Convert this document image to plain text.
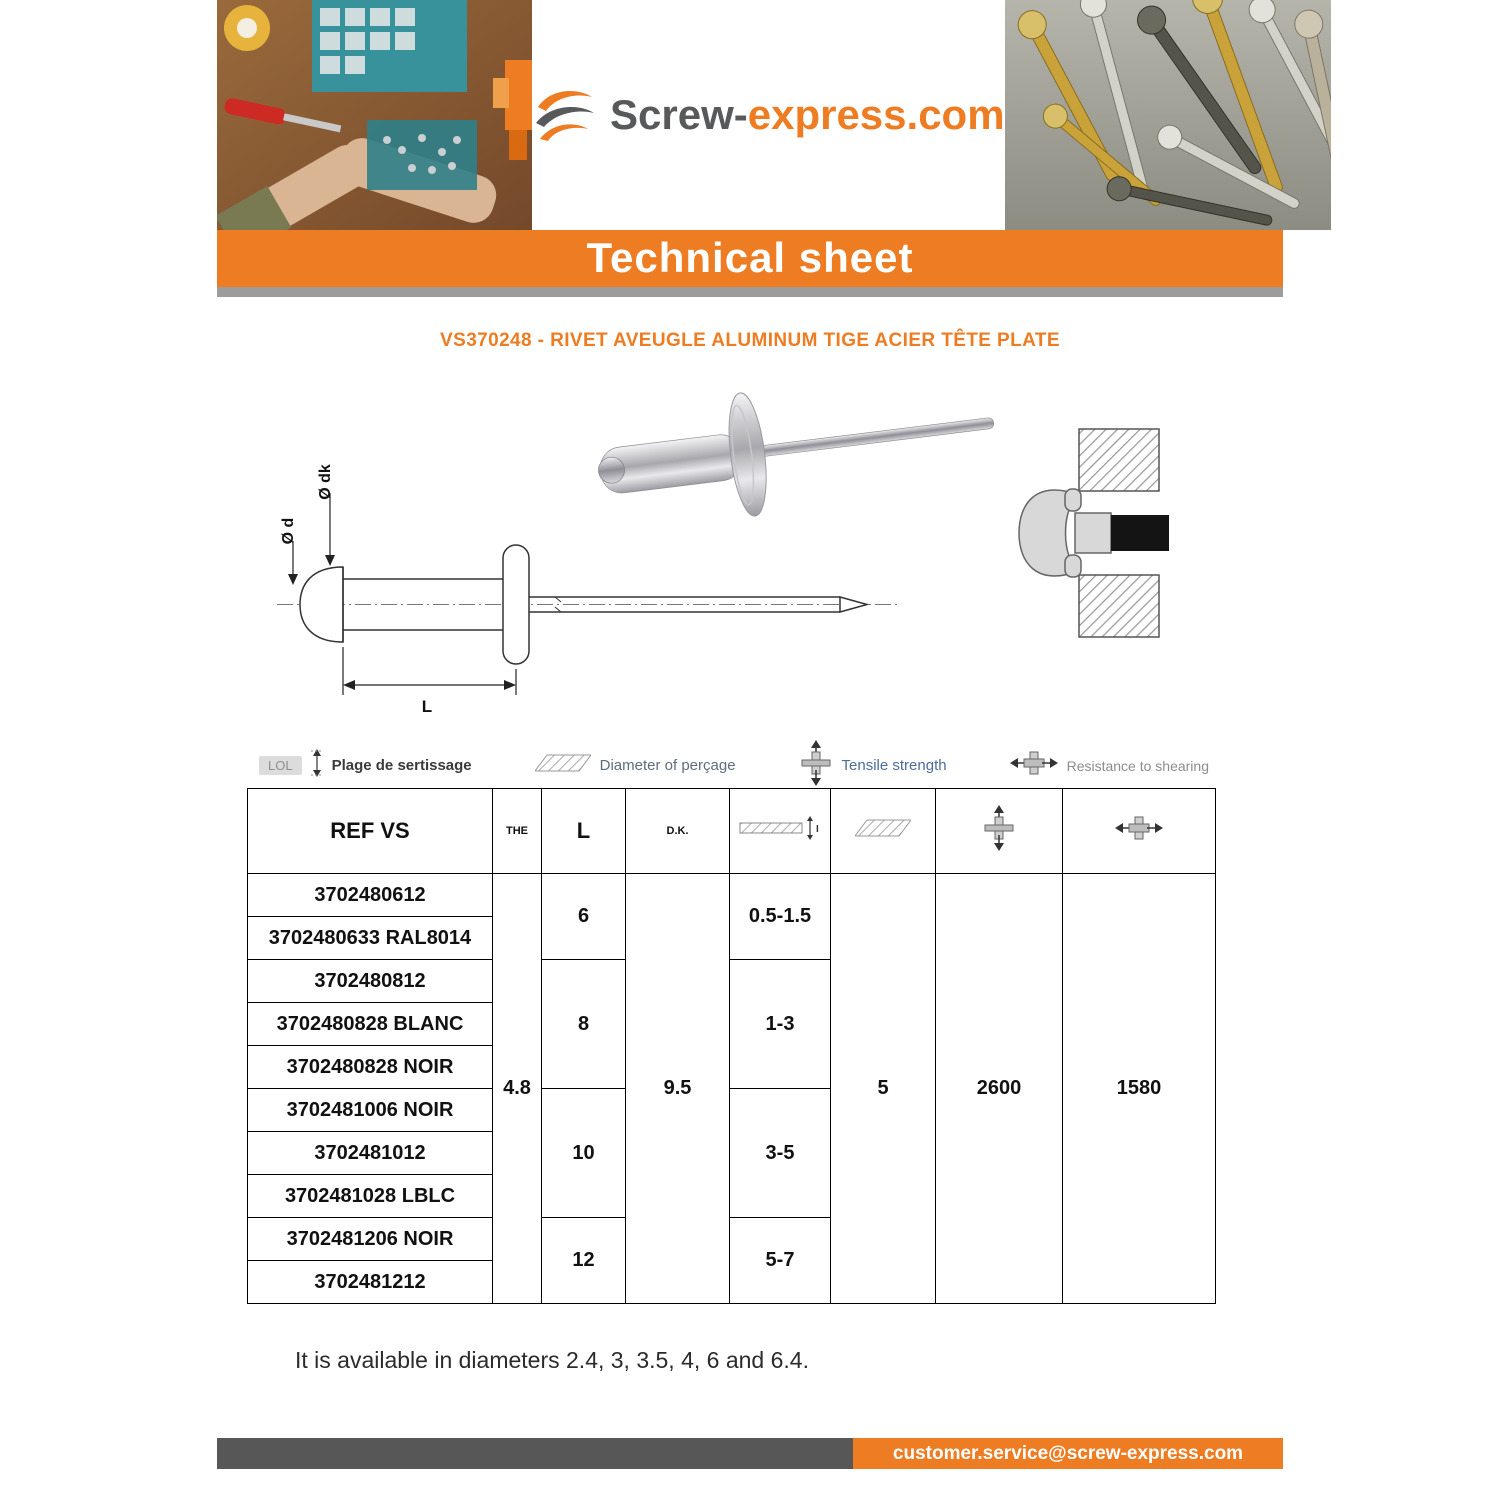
Screw-express.com
Technical sheet
VS370248 - RIVET AVEUGLE ALUMINUM TIGE ACIER TÊTE PLATE
Ø dk
Ø d
L
LOL	Plage de sertissage	Diameter of perçage	Tensile strength	Resistance to shearing
REF VS	THE	L	D.K.	I

3702480612	4.8	6	9.5	0.5-1.5	5	2600	1580
3702480633 RAL8014							
3702480812		8		1-3			
3702480828 BLANC							
3702480828 NOIR							
3702481006 NOIR		10		3-5			
3702481012							
3702481028 LBLC							
3702481206 NOIR		12		5-7			
3702481212							
It is available in diameters 2.4, 3, 3.5, 4, 6 and 6.4.
customer.service@screw-express.com
